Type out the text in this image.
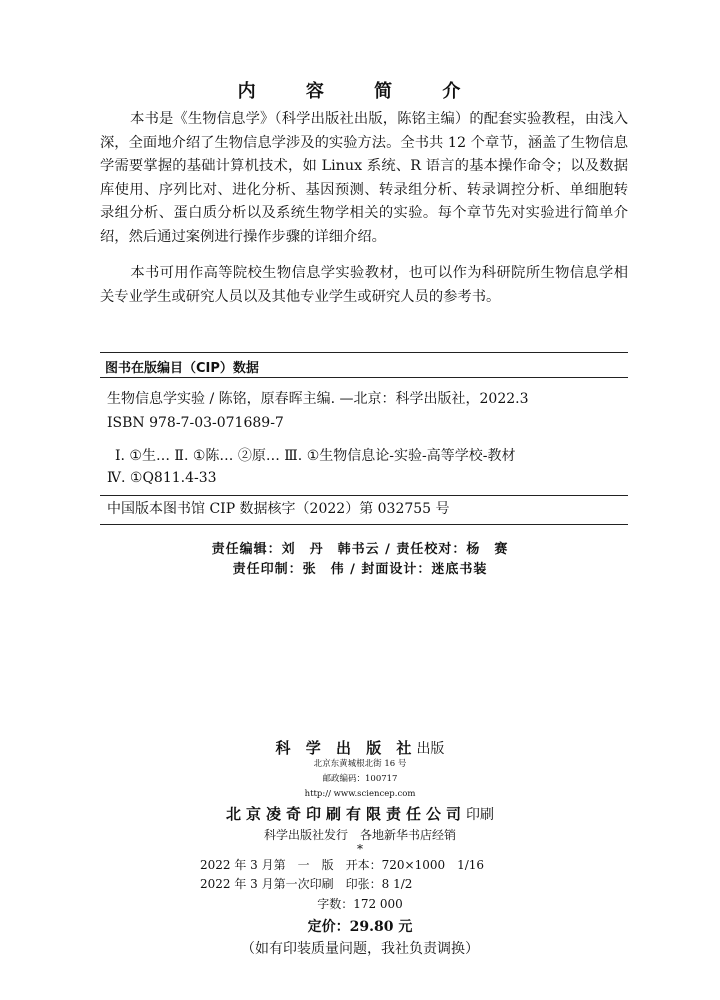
内 容 简 介

本书是《生物信息学》（科学出版社出版，陈铭主编）的配套实验教程，由浅入深，全面地介绍了生物信息学涉及的实验方法。全书共 12 个章节，涵盖了生物信息学需要掌握的基础计算机技术，如 Linux 系统、R 语言的基本操作命令；以及数据库使用、序列比对、进化分析、基因预测、转录组分析、转录调控分析、单细胞转录组分析、蛋白质分析以及系统生物学相关的实验。每个章节先对实验进行简单介绍，然后通过案例进行操作步骤的详细介绍。

本书可用作高等院校生物信息学实验教材，也可以作为科研院所生物信息学相关专业学生或研究人员以及其他专业学生或研究人员的参考书。

图书在版编目（CIP）数据
生物信息学实验 / 陈铭，原春晖主编. —北京：科学出版社，2022.3
ISBN 978-7-03-071689-7
Ⅰ. ①生… Ⅱ. ①陈… ②原… Ⅲ. ①生物信息论-实验-高等学校-教材
Ⅳ. ①Q811.4-33
中国版本图书馆 CIP 数据核字（2022）第 032755 号
责任编辑：刘　丹　韩书云 / 责任校对：杨　赛
责任印制：张　伟 / 封面设计：迷底书装
科 学 出 版 社出版
北京东黄城根北街 16 号
邮政编码：100717
http:// www.sciencep.com
北京凌奇印刷有限责任公司印刷
科学出版社发行　各地新华书店经销
*
2022 年 3 月第　一　版　开本：720×1000　1/16
2022 年 3 月第一次印刷　印张：8 1/2
字数：172 000
定价：29.80 元
（如有印装质量问题，我社负责调换）
